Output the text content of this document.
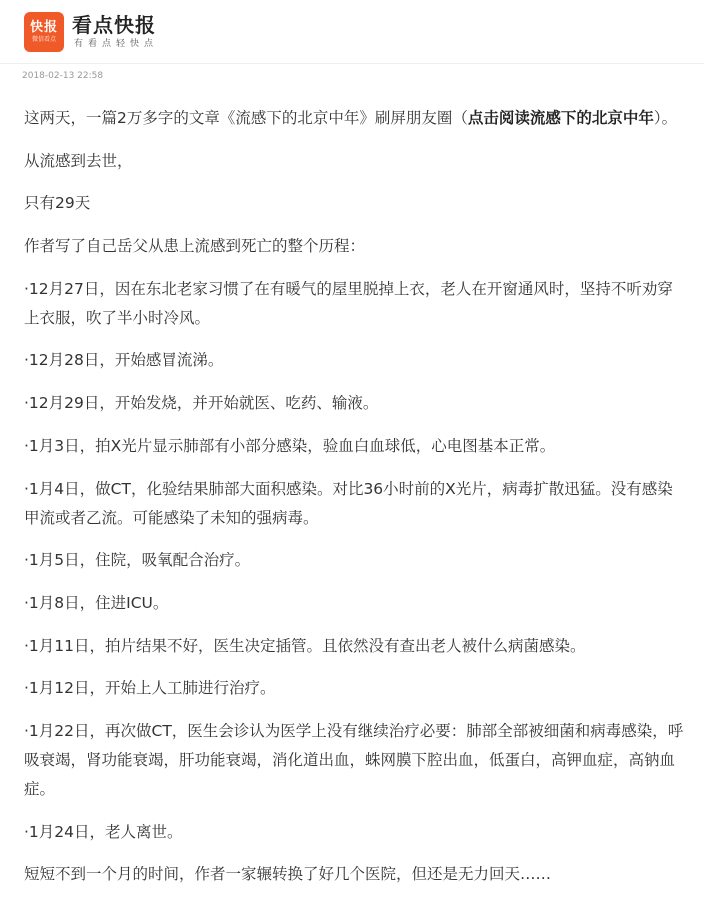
快报
微信看点
看点快报
有看点轻快点
2018-02-13 22:58

这两天，一篇2万多字的文章《流感下的北京中年》刷屏朋友圈（点击阅读流感下的北京中年）。

从流感到去世，

只有29天

作者写了自己岳父从患上流感到死亡的整个历程：

·12月27日，因在东北老家习惯了在有暖气的屋里脱掉上衣，老人在开窗通风时，坚持不听劝穿上衣服，吹了半小时冷风。

·12月28日，开始感冒流涕。

·12月29日，开始发烧，并开始就医、吃药、输液。

·1月3日，拍X光片显示肺部有小部分感染，验血白血球低，心电图基本正常。

·1月4日，做CT，化验结果肺部大面积感染。对比36小时前的X光片，病毒扩散迅猛。没有感染甲流或者乙流。可能感染了未知的强病毒。

·1月5日，住院，吸氧配合治疗。

·1月8日，住进ICU。

·1月11日，拍片结果不好，医生决定插管。且依然没有查出老人被什么病菌感染。

·1月12日，开始上人工肺进行治疗。

·1月22日，再次做CT，医生会诊认为医学上没有继续治疗必要：肺部全部被细菌和病毒感染，呼吸衰竭，肾功能衰竭，肝功能衰竭，消化道出血，蛛网膜下腔出血，低蛋白，高钾血症，高钠血症。

·1月24日，老人离世。

短短不到一个月的时间，作者一家辗转换了好几个医院，但还是无力回天……
